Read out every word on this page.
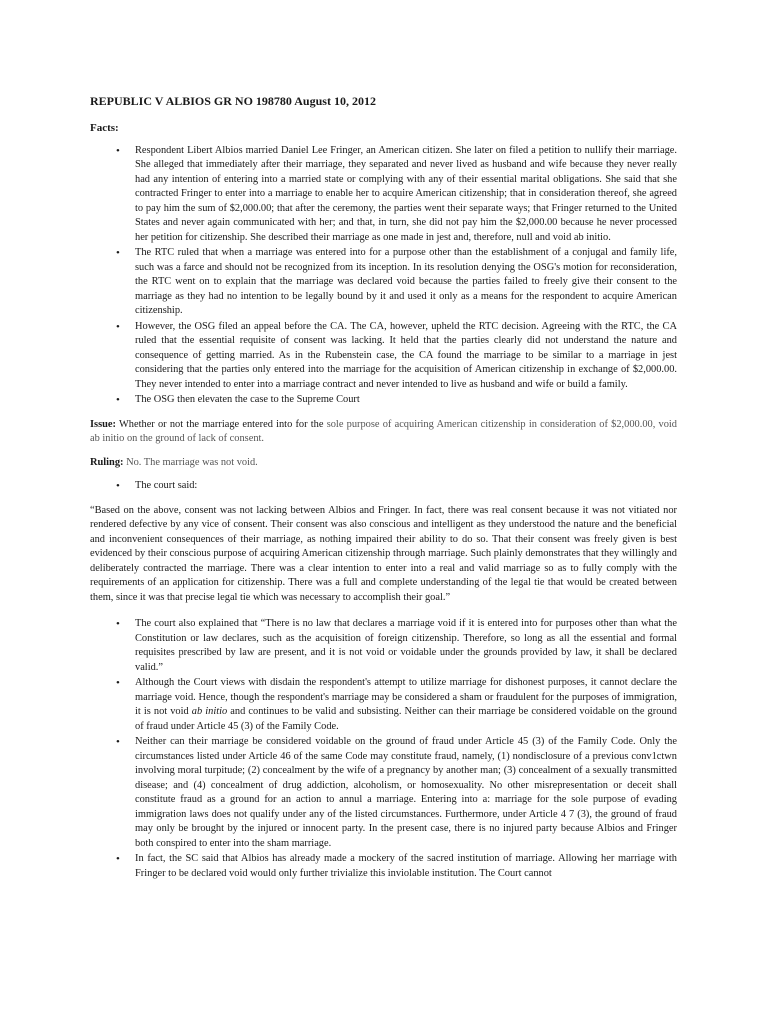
REPUBLIC V ALBIOS GR NO 198780 August 10, 2012
Facts:
• Respondent Libert Albios married Daniel Lee Fringer, an American citizen. She later on filed a petition to nullify their marriage. She alleged that immediately after their marriage, they separated and never lived as husband and wife because they never really had any intention of entering into a married state or complying with any of their essential marital obligations. She said that she contracted Fringer to enter into a marriage to enable her to acquire American citizenship; that in consideration thereof, she agreed to pay him the sum of $2,000.00; that after the ceremony, the parties went their separate ways; that Fringer returned to the United States and never again communicated with her; and that, in turn, she did not pay him the $2,000.00 because he never processed her petition for citizenship. She described their marriage as one made in jest and, therefore, null and void ab initio.
• The RTC ruled that when a marriage was entered into for a purpose other than the establishment of a conjugal and family life, such was a farce and should not be recognized from its inception. In its resolution denying the OSG's motion for reconsideration, the RTC went on to explain that the marriage was declared void because the parties failed to freely give their consent to the marriage as they had no intention to be legally bound by it and used it only as a means for the respondent to acquire American citizenship.
• However, the OSG filed an appeal before the CA. The CA, however, upheld the RTC decision. Agreeing with the RTC, the CA ruled that the essential requisite of consent was lacking. It held that the parties clearly did not understand the nature and consequence of getting married. As in the Rubenstein case, the CA found the marriage to be similar to a marriage in jest considering that the parties only entered into the marriage for the acquisition of American citizenship in exchange of $2,000.00. They never intended to enter into a marriage contract and never intended to live as husband and wife or build a family.
• The OSG then elevaten the case to the Supreme Court

Issue: Whether or not the marriage entered into for the sole purpose of acquiring American citizenship in consideration of $2,000.00, void ab initio on the ground of lack of consent.

Ruling: No. The marriage was not void.

• The court said:

“Based on the above, consent was not lacking between Albios and Fringer. In fact, there was real consent because it was not vitiated nor rendered defective by any vice of consent. Their consent was also conscious and intelligent as they understood the nature and the beneficial and inconvenient consequences of their marriage, as nothing impaired their ability to do so. That their consent was freely given is best evidenced by their conscious purpose of acquiring American citizenship through marriage. Such plainly demonstrates that they willingly and deliberately contracted the marriage. There was a clear intention to enter into a real and valid marriage so as to fully comply with the requirements of an application for citizenship. There was a full and complete understanding of the legal tie that would be created between them, since it was that precise legal tie which was necessary to accomplish their goal.”

• The court also explained that “There is no law that declares a marriage void if it is entered into for purposes other than what the Constitution or law declares, such as the acquisition of foreign citizenship. Therefore, so long as all the essential and formal requisites prescribed by law are present, and it is not void or voidable under the grounds provided by law, it shall be declared valid.”
• Although the Court views with disdain the respondent's attempt to utilize marriage for dishonest purposes, it cannot declare the marriage void. Hence, though the respondent's marriage may be considered a sham or fraudulent for the purposes of immigration, it is not void ab initio and continues to be valid and subsisting. Neither can their marriage be considered voidable on the ground of fraud under Article 45 (3) of the Family Code.
• Neither can their marriage be considered voidable on the ground of fraud under Article 45 (3) of the Family Code. Only the circumstances listed under Article 46 of the same Code may constitute fraud, namely, (1) nondisclosure of a previous conv1ctwn involving moral turpitude; (2) concealment by the wife of a pregnancy by another man; (3) concealment of a sexually transmitted disease; and (4) concealment of drug addiction, alcoholism, or homosexuality. No other misrepresentation or deceit shall constitute fraud as a ground for an action to annul a marriage. Entering into a: marriage for the sole purpose of evading immigration laws does not qualify under any of the listed circumstances. Furthermore, under Article 4 7 (3), the ground of fraud may only be brought by the injured or innocent party. In the present case, there is no injured party because Albios and Fringer both conspired to enter into the sham marriage.
• In fact, the SC said that Albios has already made a mockery of the sacred institution of marriage. Allowing her marriage with Fringer to be declared void would only further trivialize this inviolable institution. The Court cannot
